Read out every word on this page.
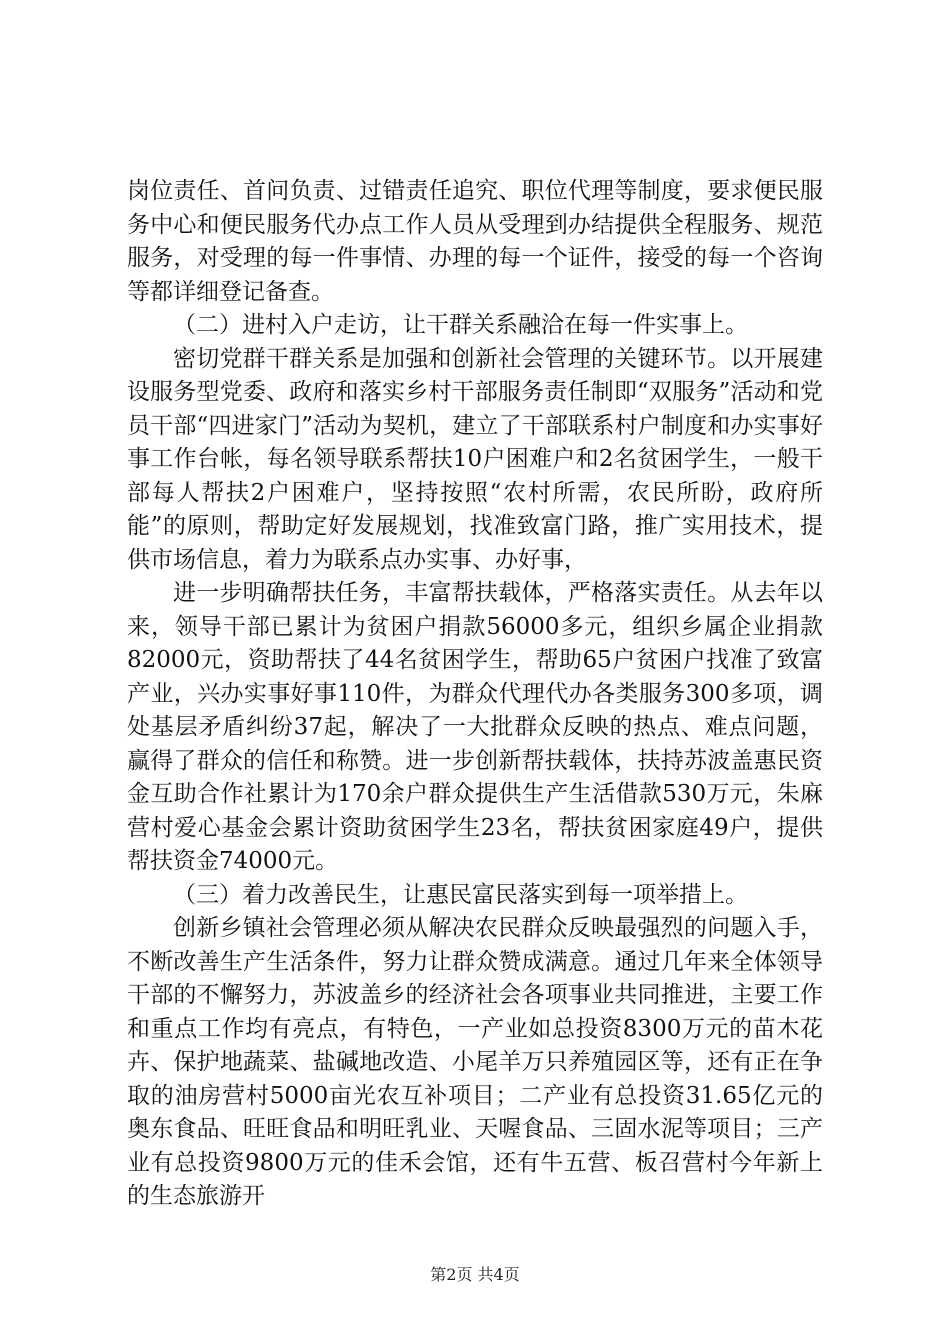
岗位责任、首问负责、过错责任追究、职位代理等制度，要求便民服务中心和便民服务代办点工作人员从受理到办结提供全程服务、规范服务，对受理的每一件事情、办理的每一个证件，接受的每一个咨询等都详细登记备查。

（二）进村入户走访，让干群关系融洽在每一件实事上。

密切党群干群关系是加强和创新社会管理的关键环节。以开展建设服务型党委、政府和落实乡村干部服务责任制即“双服务”活动和党员干部“四进家门”活动为契机，建立了干部联系村户制度和办实事好事工作台帐，每名领导联系帮扶10户困难户和2名贫困学生，一般干部每人帮扶2户困难户，坚持按照“农村所需，农民所盼，政府所能”的原则，帮助定好发展规划，找准致富门路，推广实用技术，提供市场信息，着力为联系点办实事、办好事，

进一步明确帮扶任务，丰富帮扶载体，严格落实责任。从去年以来，领导干部已累计为贫困户捐款56000多元，组织乡属企业捐款82000元，资助帮扶了44名贫困学生，帮助65户贫困户找准了致富产业，兴办实事好事110件，为群众代理代办各类服务300多项，调处基层矛盾纠纷37起，解决了一大批群众反映的热点、难点问题，赢得了群众的信任和称赞。进一步创新帮扶载体，扶持苏波盖惠民资金互助合作社累计为170余户群众提供生产生活借款530万元，朱麻营村爱心基金会累计资助贫困学生23名，帮扶贫困家庭49户，提供帮扶资金74000元。

（三）着力改善民生，让惠民富民落实到每一项举措上。

创新乡镇社会管理必须从解决农民群众反映最强烈的问题入手，不断改善生产生活条件，努力让群众赞成满意。通过几年来全体领导干部的不懈努力，苏波盖乡的经济社会各项事业共同推进，主要工作和重点工作均有亮点，有特色，一产业如总投资8300万元的苗木花卉、保护地蔬菜、盐碱地改造、小尾羊万只养殖园区等，还有正在争取的油房营村5000亩光农互补项目；二产业有总投资31.65亿元的奥东食品、旺旺食品和明旺乳业、天喔食品、三固水泥等项目；三产业有总投资9800万元的佳禾会馆，还有牛五营、板召营村今年新上的生态旅游开

第2页 共4页
